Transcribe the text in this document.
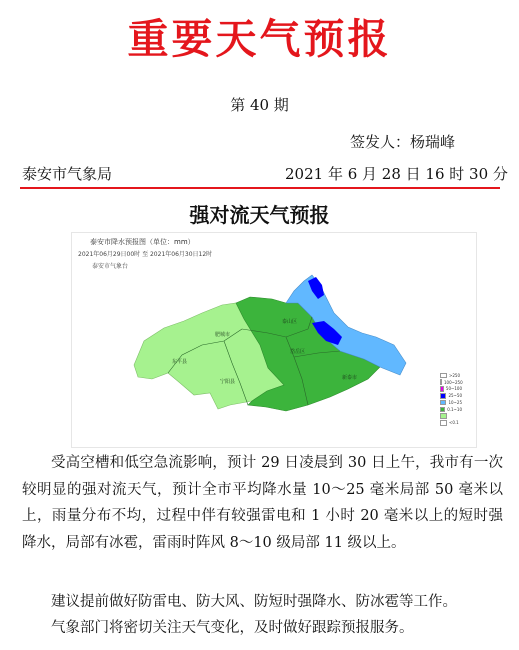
重要天气预报
第 40 期
签发人：杨瑞峰
泰安市气象局	2021 年 6 月 28 日 16 时 30 分
强对流天气预报
东平县
肥城市
泰山区
岱岳区
新泰市
宁阳县
泰安市降水预报图（单位：mm）
2021年06月29日00时 至 2021年06月30日12时
泰安市气象台
>250
100~250
50~100
25~50
10~25
0.1~10
<0.1
受高空槽和低空急流影响，预计 29 日凌晨到 30 日上午，我市有一次较明显的强对流天气，预计全市平均降水量 10～25 毫米局部 50 毫米以上，雨量分布不均，过程中伴有较强雷电和 1 小时 20 毫米以上的短时强降水，局部有冰雹，雷雨时阵风 8～10 级局部 11 级以上。
建议提前做好防雷电、防大风、防短时强降水、防冰雹等工作。
气象部门将密切关注天气变化，及时做好跟踪预报服务。
